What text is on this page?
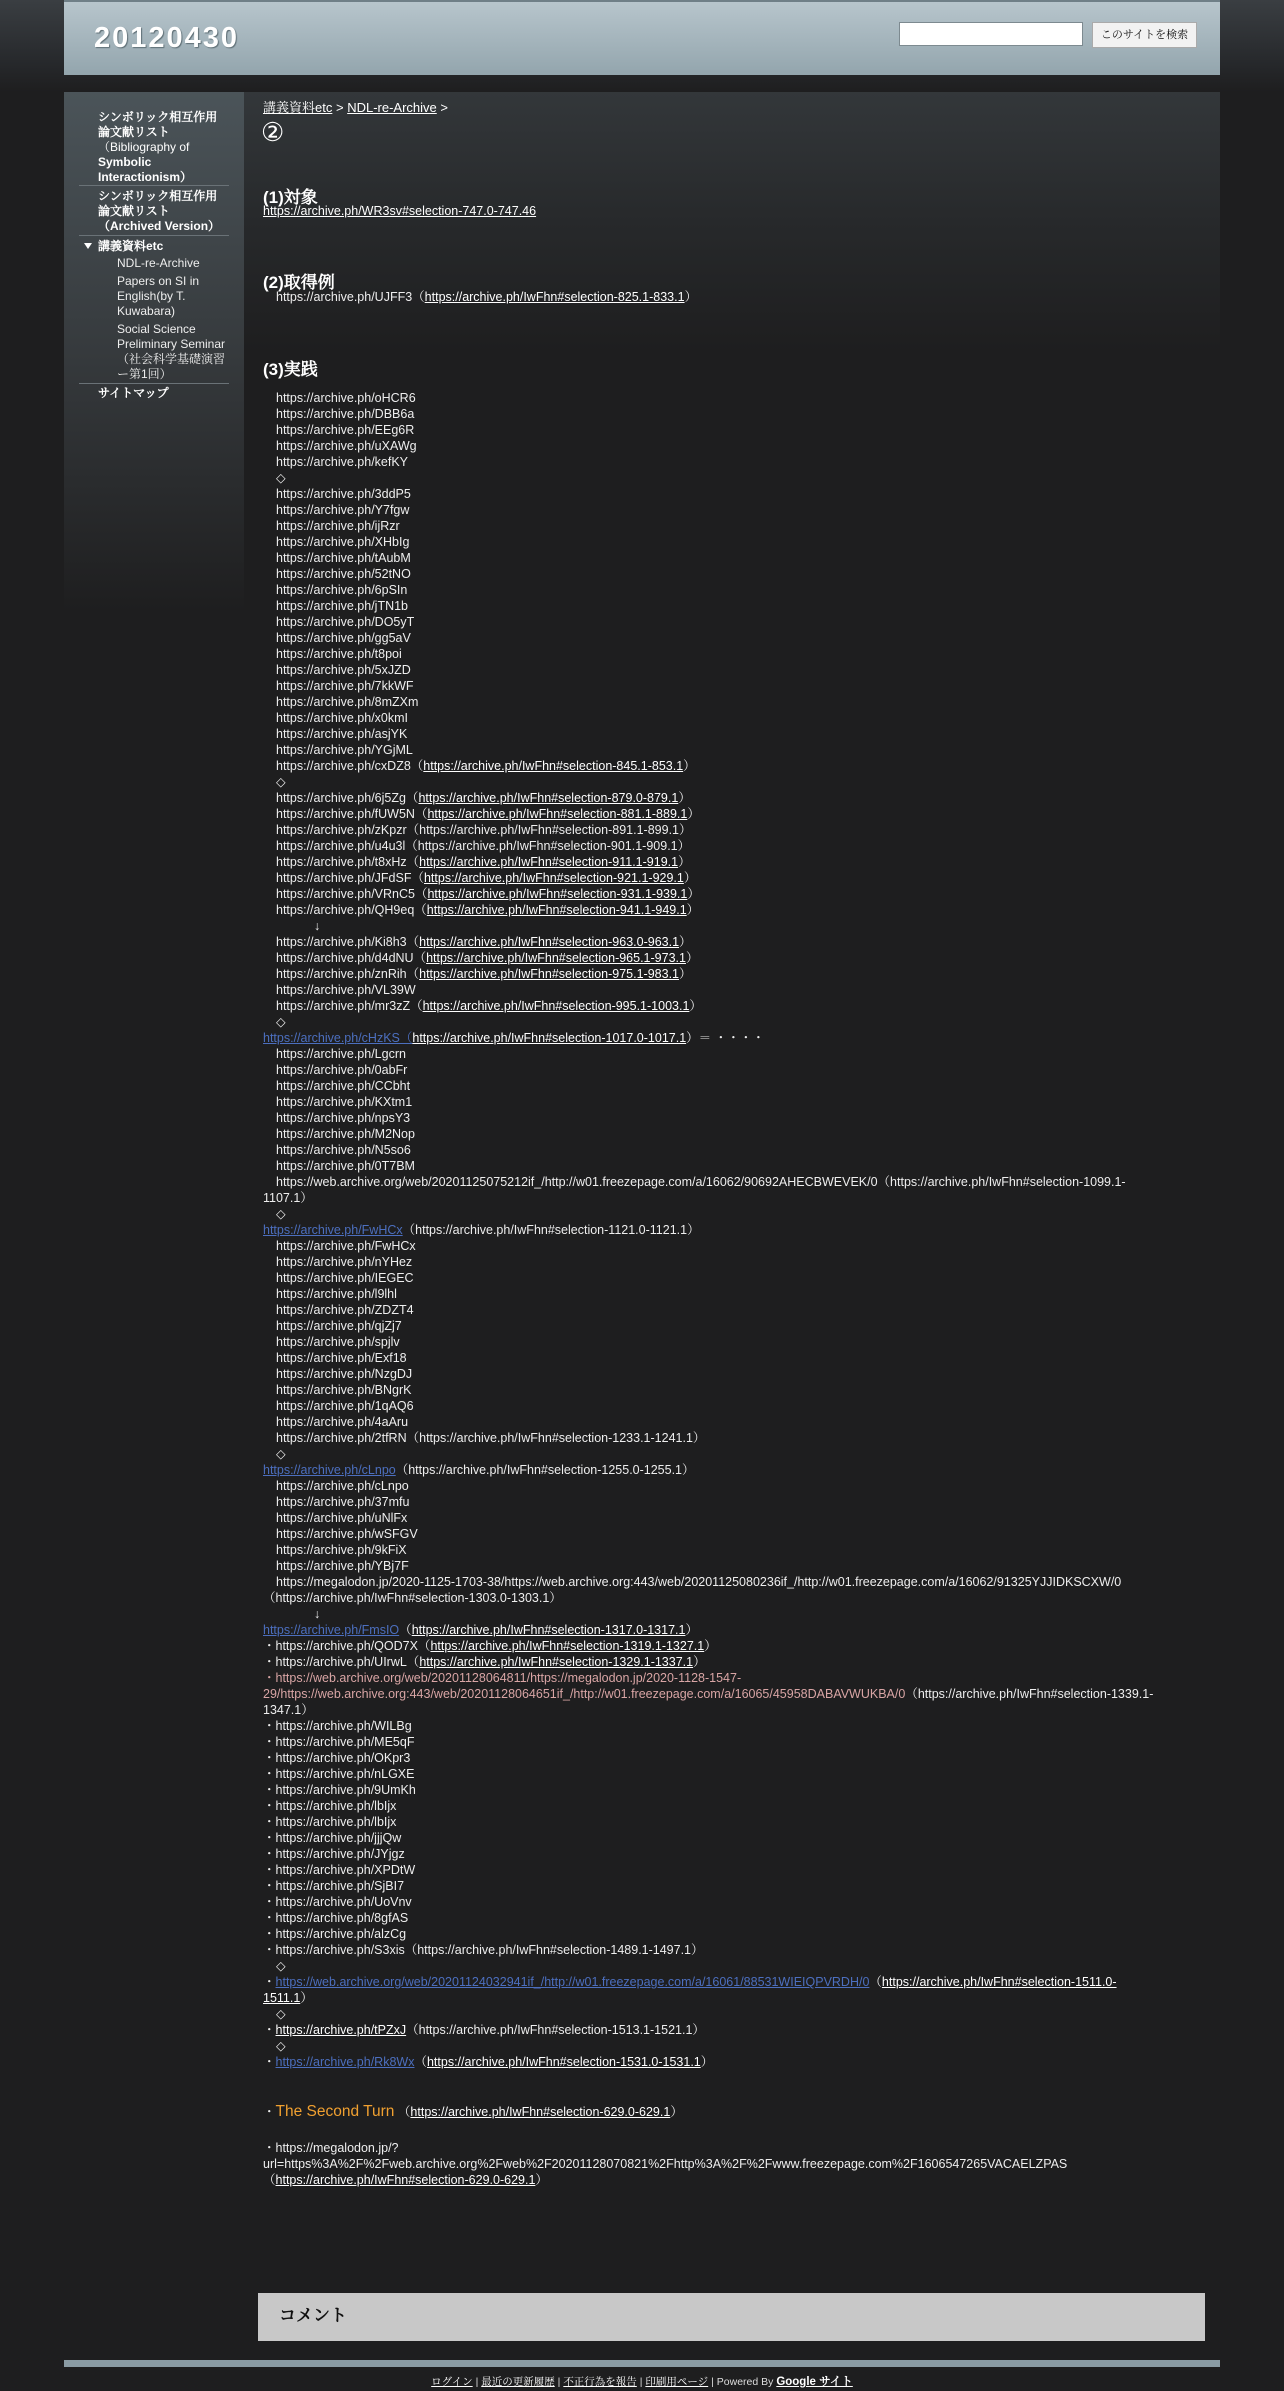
20120430	このサイトを検索
シンボリック相互作用
論文献リスト
（Bibliography of
Symbolic
Interactionism）
シンボリック相互作用
論文献リスト
（Archived Version）
講義資料etc
NDL-re-Archive
Papers on SI in
English(by T.
Kuwabara)
Social Science
Preliminary Seminar
（社会科学基礎演習
ー第1回）
サイトマップ
講義資料etc > NDL-re-Archive >
②
(1)対象
https://archive.ph/WR3sv#selection-747.0-747.46
(2)取得例
https://archive.ph/UJFF3（https://archive.ph/IwFhn#selection-825.1-833.1）
(3)実践
https://archive.ph/oHCR6
https://archive.ph/DBB6a
https://archive.ph/EEg6R
https://archive.ph/uXAWg
https://archive.ph/kefKY
◇
https://archive.ph/3ddP5
https://archive.ph/Y7fgw
https://archive.ph/ijRzr
https://archive.ph/XHbIg
https://archive.ph/tAubM
https://archive.ph/52tNO
https://archive.ph/6pSIn
https://archive.ph/jTN1b
https://archive.ph/DO5yT
https://archive.ph/gg5aV
https://archive.ph/t8poi
https://archive.ph/5xJZD
https://archive.ph/7kkWF
https://archive.ph/8mZXm
https://archive.ph/x0kmI
https://archive.ph/asjYK
https://archive.ph/YGjML
https://archive.ph/cxDZ8（https://archive.ph/IwFhn#selection-845.1-853.1）
◇
https://archive.ph/6j5Zg（https://archive.ph/IwFhn#selection-879.0-879.1）
https://archive.ph/fUW5N（https://archive.ph/IwFhn#selection-881.1-889.1）
https://archive.ph/zKpzr（https://archive.ph/IwFhn#selection-891.1-899.1）
https://archive.ph/u4u3l（https://archive.ph/IwFhn#selection-901.1-909.1）
https://archive.ph/t8xHz（https://archive.ph/IwFhn#selection-911.1-919.1）
https://archive.ph/JFdSF（https://archive.ph/IwFhn#selection-921.1-929.1）
https://archive.ph/VRnC5（https://archive.ph/IwFhn#selection-931.1-939.1）
https://archive.ph/QH9eq（https://archive.ph/IwFhn#selection-941.1-949.1）
↓
https://archive.ph/Ki8h3（https://archive.ph/IwFhn#selection-963.0-963.1）
https://archive.ph/d4dNU（https://archive.ph/IwFhn#selection-965.1-973.1）
https://archive.ph/znRih（https://archive.ph/IwFhn#selection-975.1-983.1）
https://archive.ph/VL39W
https://archive.ph/mr3zZ（https://archive.ph/IwFhn#selection-995.1-1003.1）
◇
https://archive.ph/cHzKS（https://archive.ph/IwFhn#selection-1017.0-1017.1）＝ ・・・・
https://archive.ph/Lgcrn
https://archive.ph/0abFr
https://archive.ph/CCbht
https://archive.ph/KXtm1
https://archive.ph/npsY3
https://archive.ph/M2Nop
https://archive.ph/N5so6
https://archive.ph/0T7BM
https://web.archive.org/web/20201125075212if_/http://w01.freezepage.com/a/16062/90692AHECBWEVEK/0（https://archive.ph/IwFhn#selection-1099.1-
1107.1）
◇
https://archive.ph/FwHCx（https://archive.ph/IwFhn#selection-1121.0-1121.1）
https://archive.ph/FwHCx
https://archive.ph/nYHez
https://archive.ph/IEGEC
https://archive.ph/l9lhl
https://archive.ph/ZDZT4
https://archive.ph/qjZj7
https://archive.ph/spjlv
https://archive.ph/Exf18
https://archive.ph/NzgDJ
https://archive.ph/BNgrK
https://archive.ph/1qAQ6
https://archive.ph/4aAru
https://archive.ph/2tfRN（https://archive.ph/IwFhn#selection-1233.1-1241.1）
◇
https://archive.ph/cLnpo（https://archive.ph/IwFhn#selection-1255.0-1255.1）
https://archive.ph/cLnpo
https://archive.ph/37mfu
https://archive.ph/uNlFx
https://archive.ph/wSFGV
https://archive.ph/9kFiX
https://archive.ph/YBj7F
https://megalodon.jp/2020-1125-1703-38/https://web.archive.org:443/web/20201125080236if_/http://w01.freezepage.com/a/16062/91325YJJIDKSCXW/0
（https://archive.ph/IwFhn#selection-1303.0-1303.1）
↓
https://archive.ph/FmsIO（https://archive.ph/IwFhn#selection-1317.0-1317.1）
・https://archive.ph/QOD7X（https://archive.ph/IwFhn#selection-1319.1-1327.1）
・https://archive.ph/UIrwL（https://archive.ph/IwFhn#selection-1329.1-1337.1）
・https://web.archive.org/web/20201128064811/https://megalodon.jp/2020-1128-1547-
29/https://web.archive.org:443/web/20201128064651if_/http://w01.freezepage.com/a/16065/45958DABAVWUKBA/0（https://archive.ph/IwFhn#selection-1339.1-
1347.1）
・https://archive.ph/WILBg
・https://archive.ph/ME5qF
・https://archive.ph/OKpr3
・https://archive.ph/nLGXE
・https://archive.ph/9UmKh
・https://archive.ph/lbIjx
・https://archive.ph/lbIjx
・https://archive.ph/jjjQw
・https://archive.ph/JYjgz
・https://archive.ph/XPDtW
・https://archive.ph/SjBI7
・https://archive.ph/UoVnv
・https://archive.ph/8gfAS
・https://archive.ph/alzCg
・https://archive.ph/S3xis（https://archive.ph/IwFhn#selection-1489.1-1497.1）
◇
・https://web.archive.org/web/20201124032941if_/http://w01.freezepage.com/a/16061/88531WIEIQPVRDH/0（https://archive.ph/IwFhn#selection-1511.0-
1511.1）
◇
・https://archive.ph/tPZxJ（https://archive.ph/IwFhn#selection-1513.1-1521.1）
◇
・https://archive.ph/Rk8Wx（https://archive.ph/IwFhn#selection-1531.0-1531.1）
・The Second Turn （https://archive.ph/IwFhn#selection-629.0-629.1）
・https://megalodon.jp/?
url=https%3A%2F%2Fweb.archive.org%2Fweb%2F20201128070821%2Fhttp%3A%2F%2Fwww.freezepage.com%2F1606547265VACAELZPAS
（https://archive.ph/IwFhn#selection-629.0-629.1）
コメント
ログイン | 最近の更新履歴 | 不正行為を報告 | 印刷用ページ | Powered By Google サイト
